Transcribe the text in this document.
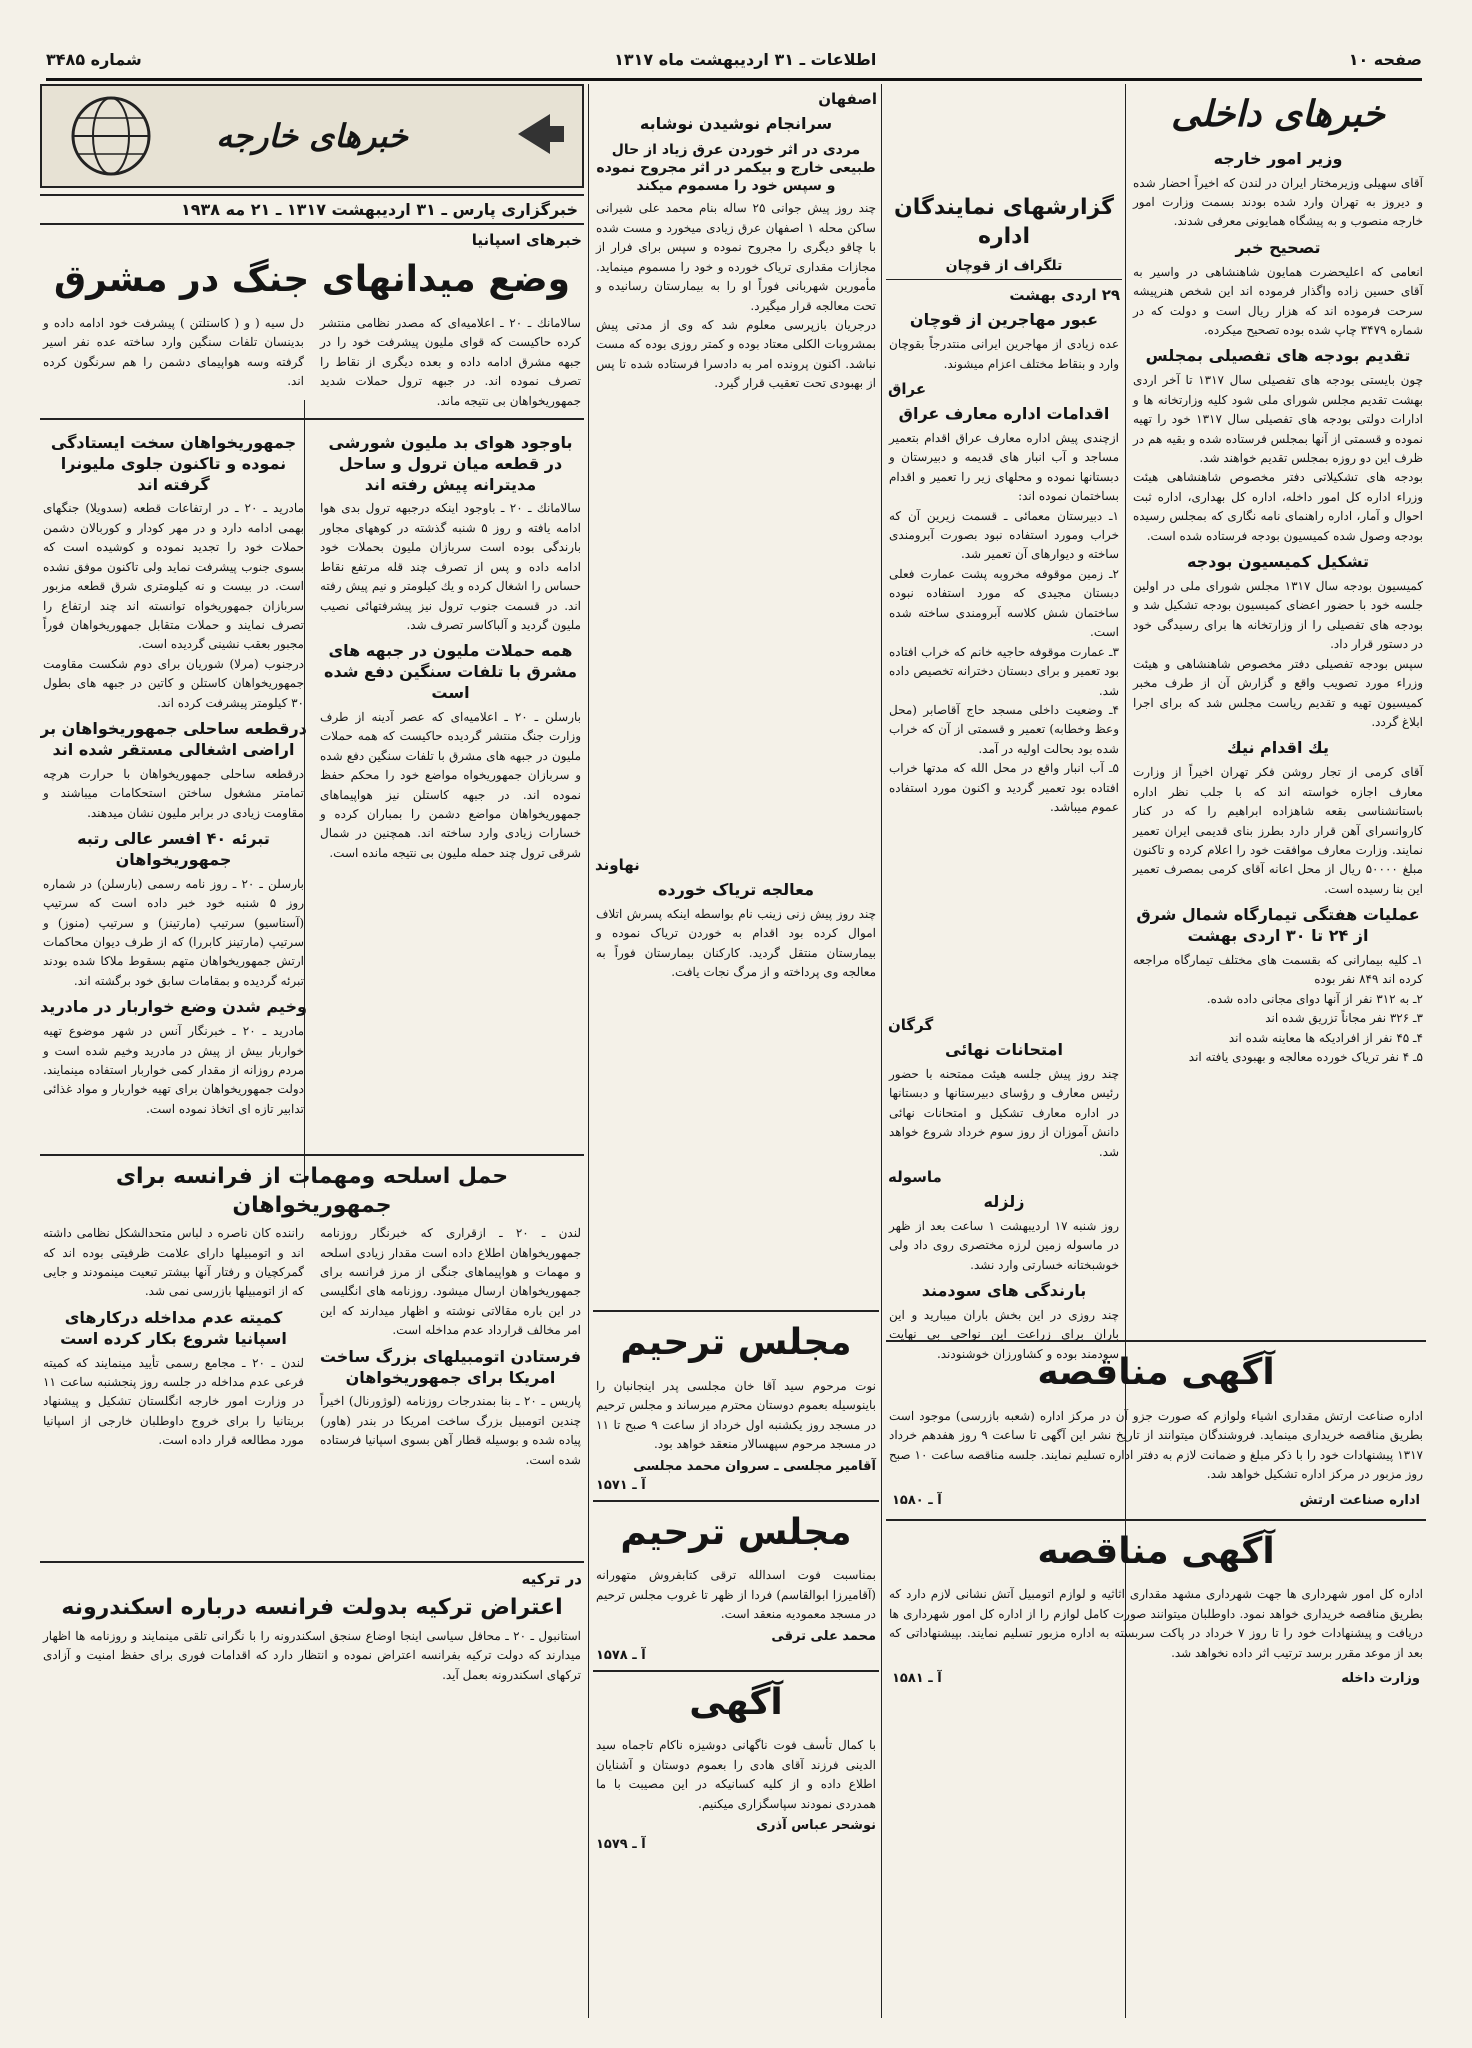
صفحه ۱۰
اطلاعات ـ ۳۱ اردیبهشت ماه ۱۳۱۷
شماره ۳۴۸۵
خبرهای داخلی
وزیر امور خارجه
آقای سهیلی وزیرمختار ایران در لندن که اخیراً احضار شده و دیروز به تهران وارد شده بودند بسمت وزارت امور خارجه منصوب و به پیشگاه همایونی معرفی شدند.
تصحیح خبر
انعامی که اعلیحضرت همایون شاهنشاهی در واسیر به آقای حسین زاده واگذار فرموده اند این شخص هنرپیشه سرحت فرموده اند که هزار ریال است و دولت که در شماره ۳۴۷۹ چاپ شده بوده تصحیح میکرده.
تقدیم بودجه های تفصیلی بمجلس
چون بایستی بودجه های تفصیلی سال ۱۳۱۷ تا آخر اردی بهشت تقدیم مجلس شورای ملی شود کلیه وزارتخانه ها و ادارات دولتی بودجه های تفصیلی سال ۱۳۱۷ خود را تهیه نموده و قسمتی از آنها بمجلس فرستاده شده و بقیه هم در ظرف این دو روزه بمجلس تقدیم خواهند شد.
بودجه های تشکیلاتی دفتر مخصوص شاهنشاهی هیئت وزراء اداره کل امور داخله، اداره کل بهداری، اداره ثبت احوال و آمار، اداره راهنمای نامه نگاری که بمجلس رسیده بودجه وصول شده کمیسیون بودجه فرستاده شده است.
تشکیل کمیسیون بودجه
کمیسیون بودجه سال ۱۳۱۷ مجلس شورای ملی در اولین جلسه خود با حضور اعضای کمیسیون بودجه تشکیل شد و بودجه های تفصیلی را از وزارتخانه ها برای رسیدگی خود در دستور قرار داد.
سپس بودجه تفصیلی دفتر مخصوص شاهنشاهی و هیئت وزراء مورد تصویب واقع و گزارش آن از طرف مخبر کمیسیون تهیه و تقدیم ریاست مجلس شد که برای اجرا ابلاغ گردد.
یك اقدام نیك
آقای کرمی از تجار روشن فکر تهران اخیراً از وزارت معارف اجازه خواسته اند که با جلب نظر اداره باستانشناسی بقعه شاهزاده ابراهیم را که در کنار کاروانسرای آهن قرار دارد بطرز بنای قدیمی ایران تعمیر نمایند. وزارت معارف موافقت خود را اعلام کرده و تاکنون مبلغ ۵۰۰۰۰ ریال از محل اعانه آقای کرمی بمصرف تعمیر این بنا رسیده است.
عملیات هفتگی تیمارگاه شمال شرق از ۲۴ تا ۳۰ اردی بهشت
۱ـ کلیه بیمارانی که بقسمت های مختلف تیمارگاه مراجعه کرده اند ۸۴۹ نفر بوده
۲ـ به ۳۱۲ نفر از آنها دوای مجانی داده شده.
۳ـ ۳۲۶ نفر مجاناً تزریق شده اند
۴ـ ۴۵ نفر از افرادیکه ها معاینه شده اند
۵ـ ۴ نفر تریاک خورده معالجه و بهبودی یافته اند
گزارشهای نمایندگان اداره
تلگراف از قوچان
۲۹ اردی بهشت
عبور مهاجرین از قوچان
عده زیادی از مهاجرین ایرانی منتدرجاً بقوچان وارد و بنقاط مختلف اعزام میشوند.
عراق
اقدامات اداره معارف عراق
ازچندی پیش اداره معارف عراق اقدام بتعمیر مساجد و آب انبار های قدیمه و دبیرستان و دبستانها نموده و محلهای زیر را تعمیر و اقدام بساختمان نموده اند:
۱ـ دبیرستان معمائی ـ قسمت زیرین آن که خراب ومورد استفاده نبود بصورت آبرومندی ساخته و دیوارهای آن تعمیر شد.
۲ـ زمین موقوفه مخروبه پشت عمارت فعلی دبستان مجیدی که مورد استفاده نبوده ساختمان شش کلاسه آبرومندی ساخته شده است.
۳ـ عمارت موقوفه حاجیه خانم که خراب افتاده بود تعمیر و برای دبستان دخترانه تخصیص داده شد.
۴ـ وضعیت داخلی مسجد حاج آقاصابر (محل وعظ وخطابه) تعمیر و قسمتی از آن که خراب شده بود بحالت اولیه در آمد.
۵ـ آب انبار واقع در محل الله که مدتها خراب افتاده بود تعمیر گردید و اکنون مورد استفاده عموم میباشد.
گرگان
امتحانات نهائی
چند روز پیش جلسه هیئت ممتحنه با حضور رئیس معارف و رؤسای دبیرستانها و دبستانها در اداره معارف تشکیل و امتحانات نهائی دانش آموزان از روز سوم خرداد شروع خواهد شد.
ماسوله
زلزله
روز شنبه ۱۷ اردیبهشت ۱ ساعت بعد از ظهر در ماسوله زمین لرزه مختصری روی داد ولی خوشبختانه خسارتی وارد نشد.
بارندگی های سودمند
چند روزی در این بخش باران میبارید و این باران برای زراعت این نواحی بی نهایت سودمند بوده و کشاورزان خوشنودند.
اصفهان
سرانجام نوشیدن نوشابه
مردی در اثر خوردن عرق زیاد از حال طبیعی خارج و بیکمر در اثر مجروح نموده و سپس خود را مسموم میکند
چند روز پیش جوانی ۲۵ ساله بنام محمد علی شیرانی ساکن محله ۱ اصفهان عرق زیادی میخورد و مست شده با چاقو دیگری را مجروح نموده و سپس برای فرار از مجازات مقداری تریاک خورده و خود را مسموم مینماید. مأمورین شهربانی فوراً او را به بیمارستان رسانیده و تحت معالجه قرار میگیرد.
درجریان بازپرسی معلوم شد که وی از مدتی پیش بمشروبات الکلی معتاد بوده و کمتر روزی بوده که مست نباشد. اکنون پرونده امر به دادسرا فرستاده شده تا پس از بهبودی تحت تعقیب قرار گیرد.
نهاوند
معالجه تریاک خورده
چند روز پیش زنی زینب نام بواسطه اینکه پسرش اتلاف اموال کرده بود اقدام به خوردن تریاک نموده و بیمارستان منتقل گردید. کارکنان بیمارستان فوراً به معالجه وی پرداخته و از مرگ نجات یافت.
مجلس ترحیم
نوت مرحوم سید آقا خان مجلسی پدر اینجانبان را باینوسیله بعموم دوستان محترم میرساند و مجلس ترحیم در مسجد روز یکشنبه اول خرداد از ساعت ۹ صبح تا ۱۱ در مسجد مرحوم سپهسالار منعقد خواهد بود.
آقامیر مجلسی ـ سروان محمد مجلسی
آ ـ ۱۵۷۱
مجلس ترحیم
بمناسبت فوت اسدالله ترقی کتابفروش متهورانه (آقامیرزا ابوالقاسم) فردا از ظهر تا غروب مجلس ترحیم در مسجد معمودیه منعقد است.
محمد علی ترقی
آ ـ ۱۵۷۸
آگهی
با کمال تأسف فوت ناگهانی دوشیزه ناکام تاجماه سید الدینی فرزند آقای هادی را بعموم دوستان و آشنایان اطلاع داده و از کلیه کسانیکه در این مصیبت با ما همدردی نمودند سپاسگزاری میکنیم.
نوشحر عباس آذری
آ ـ ۱۵۷۹
آگهی مناقصه
اداره صناعت ارتش مقداری اشیاء ولوازم که صورت جزو آن در مرکز اداره (شعبه بازرسی) موجود است بطریق مناقصه خریداری مینماید. فروشندگان میتوانند از تاریخ نشر این آگهی تا ساعت ۹ روز هفدهم خرداد ۱۳۱۷ پیشنهادات خود را با ذکر مبلغ و ضمانت لازم به دفتر اداره تسلیم نمایند. جلسه مناقصه ساعت ۱۰ صبح روز مزبور در مرکز اداره تشکیل خواهد شد.
اداره صناعت ارتش
آ ـ ۱۵۸۰
آگهی مناقصه
اداره کل امور شهرداری ها جهت شهرداری مشهد مقداری اثاثیه و لوازم اتومبیل آتش نشانی لازم دارد که بطریق مناقصه خریداری خواهد نمود. داوطلبان میتوانند صورت کامل لوازم را از اداره کل امور شهرداری ها دریافت و پیشنهادات خود را تا روز ۷ خرداد در پاکت سربسته به اداره مزبور تسلیم نمایند. بپیشنهاداتی که بعد از موعد مقرر برسد ترتیب اثر داده نخواهد شد.
وزارت داخله
آ ـ ۱۵۸۱
خبرهای خارجه
خبرگزاری پارس ـ ۳۱ اردیبهشت ۱۳۱۷ ـ ۲۱ مه ۱۹۳۸
خبرهای اسپانیا
وضع میدانهای جنگ در مشرق
سالامانك ـ ۲۰ ـ اعلامیه‌ای که مصدر نظامی منتشر کرده حاکیست که قوای ملیون پیشرفت خود را در جبهه مشرق ادامه داده و بعده دیگری از نقاط را تصرف نموده اند. در جبهه ترول حملات شدید جمهوریخواهان بی نتیجه ماند.
دل سیه ( و ( کاستلتن ) پیشرفت خود ادامه داده و بدینسان تلفات سنگین وارد ساخته عده نفر اسیر گرفته وسه هواپیمای دشمن را هم سرنگون کرده اند.
باوجود هوای بد ملیون شورشی در قطعه میان ترول و ساحل مدیترانه پیش رفته اند
سالامانك ـ ۲۰ ـ باوجود اینکه درجبهه ترول بدی هوا ادامه یافته و روز ۵ شنبه گذشته در کوههای مجاور بارندگی بوده است سربازان ملیون بحملات خود ادامه داده و پس از تصرف چند قله مرتفع نقاط حساس را اشغال کرده و یك کیلومتر و نیم پیش رفته اند. در قسمت جنوب ترول نیز پیشرفتهائی نصیب ملیون گردید و آلباکاسر تصرف شد.
همه حملات ملیون در جبهه های مشرق با تلفات سنگین دفع شده است
بارسلن ـ ۲۰ ـ اعلامیه‌ای که عصر آدینه از طرف وزارت جنگ منتشر گردیده حاکیست که همه حملات ملیون در جبهه های مشرق با تلفات سنگین دفع شده و سربازان جمهوریخواه مواضع خود را محکم حفظ نموده اند. در جبهه کاستلن نیز هواپیماهای جمهوریخواهان مواضع دشمن را بمباران کرده و خسارات زیادی وارد ساخته اند. همچنین در شمال شرقی ترول چند حمله ملیون بی نتیجه مانده است.
جمهوریخواهان سخت ایستادگی نموده و تاکنون جلوی ملیونرا گرفته اند
مادرید ـ ۲۰ ـ در ارتفاعات قطعه (سدویلا) جنگهای بهمی ادامه دارد و در مهر کودار و کوربالان دشمن حملات خود را تجدید نموده و کوشیده است که بسوی جنوب پیشرفت نماید ولی تاکنون موفق نشده است. در بیست و نه کیلومتری شرق قطعه مزبور سربازان جمهوریخواه توانسته اند چند ارتفاع را تصرف نمایند و حملات متقابل جمهوریخواهان فوراً مجبور بعقب نشینی گردیده است.
درجنوب (مرلا) شوریان برای دوم شکست مقاومت جمهوریخواهان کاستلن و کاتین در جبهه های بطول ۳۰ کیلومتر پیشرفت کرده اند.
درقطعه ساحلی جمهوریخواهان بر اراضی اشغالی مستقر شده اند
درقطعه ساحلی جمهوریخواهان با حرارت هرچه تمامتر مشغول ساختن استحکامات میباشند و مقاومت زیادی در برابر ملیون نشان میدهند.
تبرئه ۴۰ افسر عالی رتبه جمهوریخواهان
بارسلن ـ ۲۰ ـ روز نامه رسمی (بارسلن) در شماره روز ۵ شنبه خود خبر داده است که سرتیپ (آستاسیو) سرتیپ (مارتینز) و سرتیپ (منوز) و سرتیپ (مارتینز کابررا) که از طرف دیوان محاکمات ارتش جمهوریخواهان متهم بسقوط ملاکا شده بودند تبرئه گردیده و بمقامات سابق خود برگشته اند.
وخیم شدن وضع خواربار در مادرید
مادرید ـ ۲۰ ـ خبرنگار آنس در شهر موضوع تهیه خواربار بیش از پیش در مادرید وخیم شده است و مردم روزانه از مقدار کمی خواربار استفاده مینمایند. دولت جمهوریخواهان برای تهیه خواربار و مواد غذائی تدابیر تازه ای اتخاذ نموده است.
حمل اسلحه ومهمات از فرانسه برای جمهوریخواهان
لندن ـ ۲۰ ـ ازقراری که خبرنگار روزنامه جمهوریخواهان اطلاع داده است مقدار زیادی اسلحه و مهمات و هواپیماهای جنگی از مرز فرانسه برای جمهوریخواهان ارسال میشود. روزنامه های انگلیسی در این باره مقالاتی نوشته و اظهار میدارند که این امر مخالف قرارداد عدم مداخله است.
فرستادن اتومبیلهای بزرگ ساخت امریکا برای جمهوریخواهان
پاریس ـ ۲۰ ـ بنا بمندرجات روزنامه (لوژورنال) اخیراً چندین اتومبیل بزرگ ساخت امریکا در بندر (هاور) پیاده شده و بوسیله قطار آهن بسوی اسپانیا فرستاده شده است.
راننده کان ناصره د لباس متحدالشکل نظامی داشته اند و اتومبیلها دارای علامت ظرفیتی بوده اند که گمرکچیان و رفتار آنها بیشتر تبعیت مینمودند و جایی که از اتومبیلها بازرسی نمی شد.
کمیته عدم مداخله درکارهای اسپانیا شروع بکار کرده است
لندن ـ ۲۰ ـ مجامع رسمی تأیید مینمایند که کمیته فرعی عدم مداخله در جلسه روز پنجشنبه ساعت ۱۱ در وزارت امور خارجه انگلستان تشکیل و پیشنهاد بریتانیا را برای خروج داوطلبان خارجی از اسپانیا مورد مطالعه قرار داده است.
در ترکیه
اعتراض ترکیه بدولت فرانسه درباره اسکندرونه
استانبول ـ ۲۰ ـ محافل سیاسی اینجا اوضاع سنجق اسکندرونه را با نگرانی تلقی مینمایند و روزنامه ها اظهار میدارند که دولت ترکیه بفرانسه اعتراض نموده و انتظار دارد که اقدامات فوری برای حفظ امنیت و آزادی ترکهای اسکندرونه بعمل آید.
